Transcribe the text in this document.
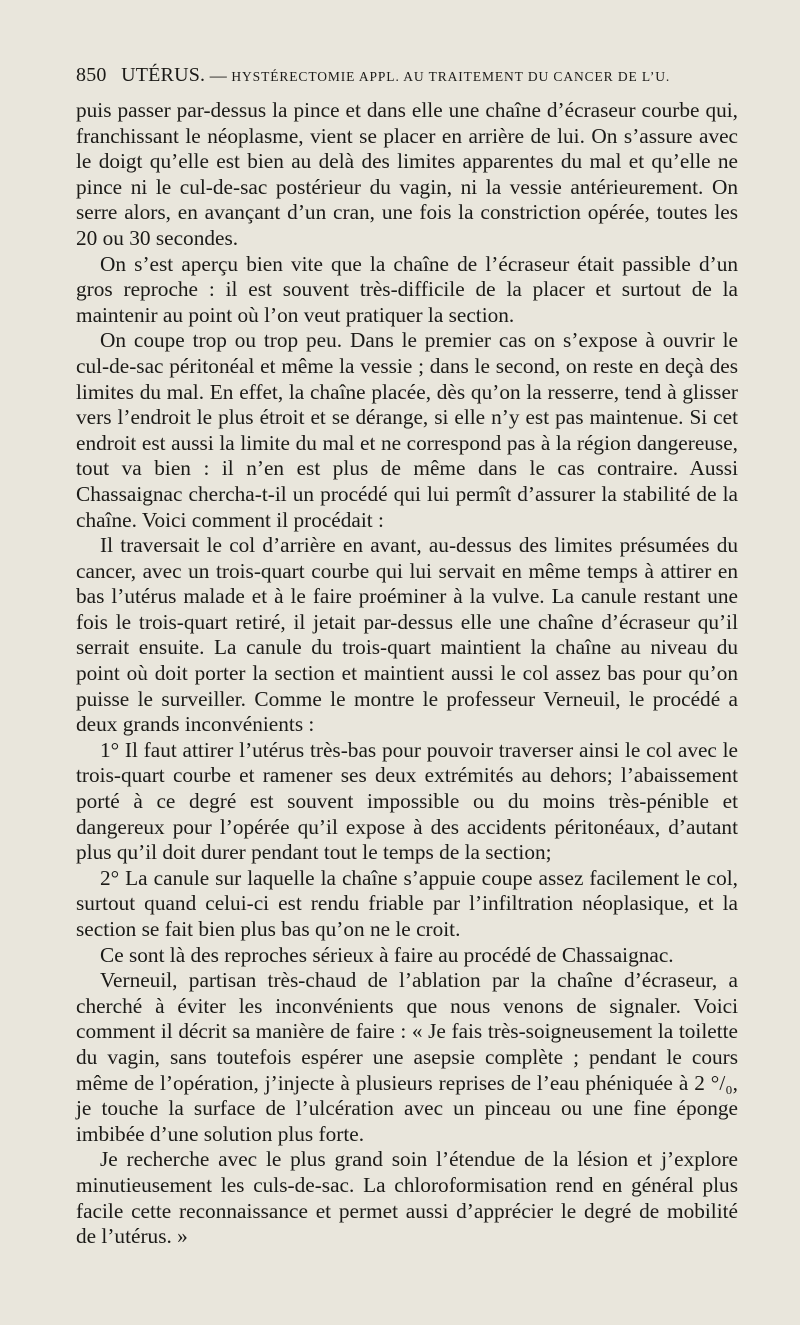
850 UTÉRUS. — HYSTÉRECTOMIE APPL. AU TRAITEMENT DU CANCER DE L’U.

puis passer par-dessus la pince et dans elle une chaîne d’écraseur courbe qui, franchissant le néoplasme, vient se placer en arrière de lui. On s’assure avec le doigt qu’elle est bien au delà des limites apparentes du mal et qu’elle ne pince ni le cul-de-sac postérieur du vagin, ni la vessie antérieurement. On serre alors, en avançant d’un cran, une fois la constriction opérée, toutes les 20 ou 30 secondes.

On s’est aperçu bien vite que la chaîne de l’écraseur était passible d’un gros reproche : il est souvent très-difficile de la placer et surtout de la maintenir au point où l’on veut pratiquer la section.

On coupe trop ou trop peu. Dans le premier cas on s’expose à ouvrir le cul-de-sac péritonéal et même la vessie ; dans le second, on reste en deçà des limites du mal. En effet, la chaîne placée, dès qu’on la resserre, tend à glisser vers l’endroit le plus étroit et se dérange, si elle n’y est pas maintenue. Si cet endroit est aussi la limite du mal et ne correspond pas à la région dangereuse, tout va bien : il n’en est plus de même dans le cas contraire. Aussi Chassaignac chercha-t-il un procédé qui lui permît d’assurer la stabilité de la chaîne. Voici comment il procédait :

Il traversait le col d’arrière en avant, au-dessus des limites présumées du cancer, avec un trois-quart courbe qui lui servait en même temps à attirer en bas l’utérus malade et à le faire proéminer à la vulve. La canule restant une fois le trois-quart retiré, il jetait par-dessus elle une chaîne d’écraseur qu’il serrait ensuite. La canule du trois-quart maintient la chaîne au niveau du point où doit porter la section et maintient aussi le col assez bas pour qu’on puisse le surveiller. Comme le montre le professeur Verneuil, le procédé a deux grands inconvénients :

1° Il faut attirer l’utérus très-bas pour pouvoir traverser ainsi le col avec le trois-quart courbe et ramener ses deux extrémités au dehors; l’abaissement porté à ce degré est souvent impossible ou du moins très-pénible et dangereux pour l’opérée qu’il expose à des accidents péritonéaux, d’autant plus qu’il doit durer pendant tout le temps de la section;

2° La canule sur laquelle la chaîne s’appuie coupe assez facilement le col, surtout quand celui-ci est rendu friable par l’infiltration néoplasique, et la section se fait bien plus bas qu’on ne le croit.

Ce sont là des reproches sérieux à faire au procédé de Chassaignac.

Verneuil, partisan très-chaud de l’ablation par la chaîne d’écraseur, a cherché à éviter les inconvénients que nous venons de signaler. Voici comment il décrit sa manière de faire : « Je fais très-soigneusement la toilette du vagin, sans toutefois espérer une asepsie complète ; pendant le cours même de l’opération, j’injecte à plusieurs reprises de l’eau phéniquée à 2 °/₀, je touche la surface de l’ulcération avec un pinceau ou une fine éponge imbibée d’une solution plus forte.

Je recherche avec le plus grand soin l’étendue de la lésion et j’explore minutieusement les culs-de-sac. La chloroformisation rend en général plus facile cette reconnaissance et permet aussi d’apprécier le degré de mobilité de l’utérus. »
